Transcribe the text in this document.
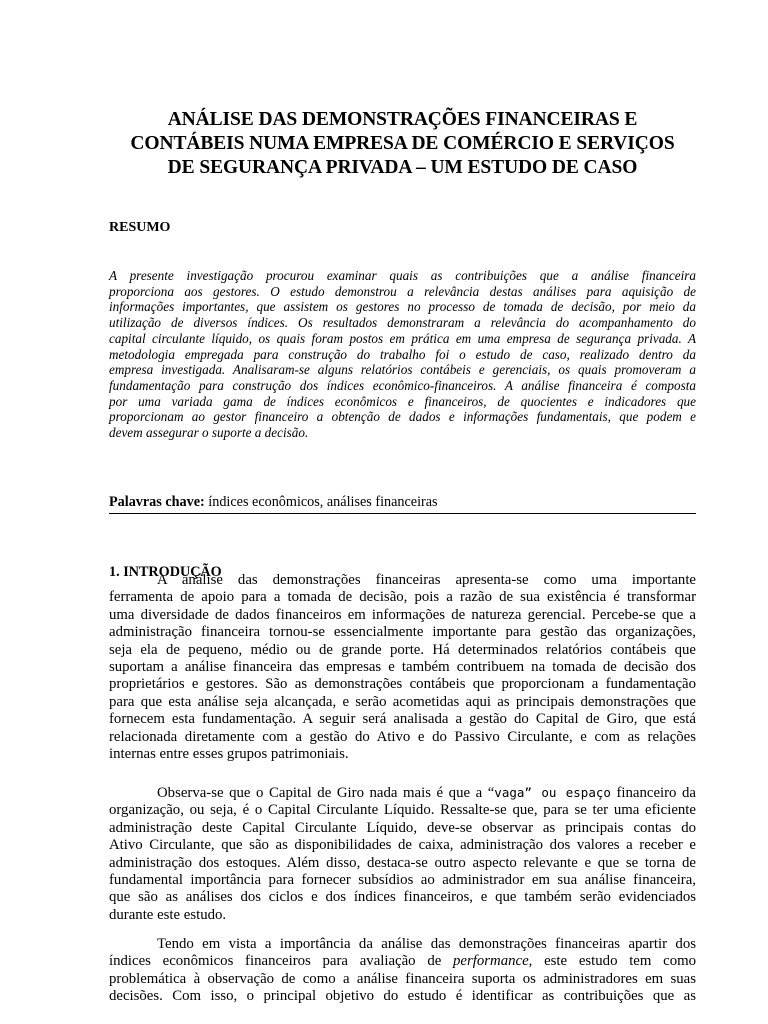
ANÁLISE DAS DEMONSTRAÇÕES FINANCEIRAS E
CONTÁBEIS NUMA EMPRESA DE COMÉRCIO E SERVIÇOS
DE SEGURANÇA PRIVADA – UM ESTUDO DE CASO
RESUMO
A presente investigação procurou examinar quais as contribuições que a análise financeira
proporciona aos gestores. O estudo demonstrou a relevância destas análises para aquisição de
informações importantes, que assistem os gestores no processo de tomada de decisão, por meio da
utilização de diversos índices. Os resultados demonstraram a relevância do acompanhamento do
capital circulante líquido, os quais foram postos em prática em uma empresa de segurança privada. A
metodologia empregada para construção do trabalho foi o estudo de caso, realizado dentro da
empresa investigada. Analisaram-se alguns relatórios contábeis e gerenciais, os quais promoveram a
fundamentação para construção dos índices econômico-financeiros. A análise financeira é composta
por uma variada gama de índices econômicos e financeiros, de quocientes e indicadores que
proporcionam ao gestor financeiro a obtenção de dados e informações fundamentais, que podem e
devem assegurar o suporte a decisão.
Palavras chave: índices econômicos, análises financeiras
1. INTRODUÇÃO
A análise das demonstrações financeiras apresenta-se como uma importante
ferramenta de apoio para a tomada de decisão, pois a razão de sua existência é transformar
uma diversidade de dados financeiros em informações de natureza gerencial. Percebe-se que a
administração financeira tornou-se essencialmente importante para gestão das organizações,
seja ela de pequeno, médio ou de grande porte. Há determinados relatórios contábeis que
suportam a análise financeira das empresas e também contribuem na tomada de decisão dos
proprietários e gestores. São as demonstrações contábeis que proporcionam a fundamentação
para que esta análise seja alcançada, e serão acometidas aqui as principais demonstrações que
fornecem esta fundamentação. A seguir será analisada a gestão do Capital de Giro, que está
relacionada diretamente com a gestão do Ativo e do Passivo Circulante, e com as relações
internas entre esses grupos patrimoniais.
Observa-se que o Capital de Giro nada mais é que a “vaga” ou espaço financeiro da
organização, ou seja, é o Capital Circulante Líquido. Ressalte-se que, para se ter uma eficiente
administração deste Capital Circulante Líquido, deve-se observar as principais contas do
Ativo Circulante, que são as disponibilidades de caixa, administração dos valores a receber e
administração dos estoques. Além disso, destaca-se outro aspecto relevante e que se torna de
fundamental importância para fornecer subsídios ao administrador em sua análise financeira,
que são as análises dos ciclos e dos índices financeiros, e que também serão evidenciados
durante este estudo.
Tendo em vista a importância da análise das demonstrações financeiras apartir dos
índices econômicos financeiros para avaliação de performance, este estudo tem como
problemática à observação de como a análise financeira suporta os administradores em suas
decisões. Com isso, o principal objetivo do estudo é identificar as contribuições que as
